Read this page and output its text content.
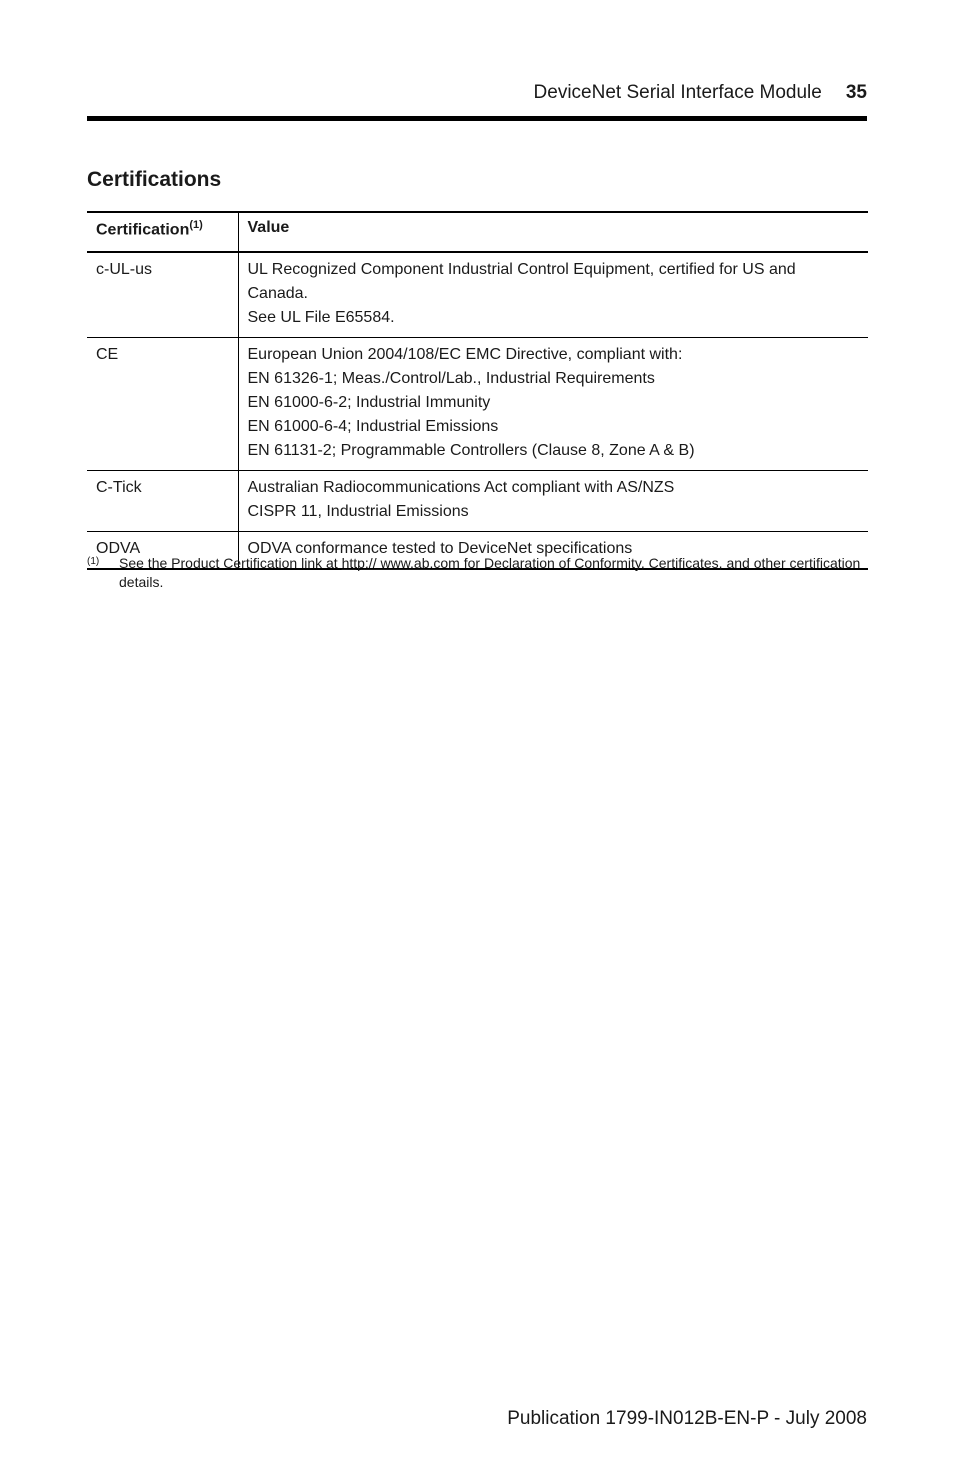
DeviceNet Serial Interface Module 35
Certifications
Certification$^{(1)}$	Value
c-UL-us	UL Recognized Component Industrial Control Equipment, certified for US and Canada.
See UL File E65584.

CE	European Union 2004/108/EC EMC Directive, compliant with:
EN 61326-1; Meas./Control/Lab., Industrial Requirements
EN 61000-6-2; Industrial Immunity
EN 61000-6-4; Industrial Emissions
EN 61131-2; Programmable Controllers (Clause 8, Zone A & B)

C-Tick	Australian Radiocommunications Act compliant with AS/NZS
CISPR 11, Industrial Emissions

ODVA	ODVA conformance tested to DeviceNet specifications
(1) See the Product Certification link at http:// www.ab.com for Declaration of Conformity, Certificates, and other certification details.
Publication 1799-IN012B-EN-P - July 2008
